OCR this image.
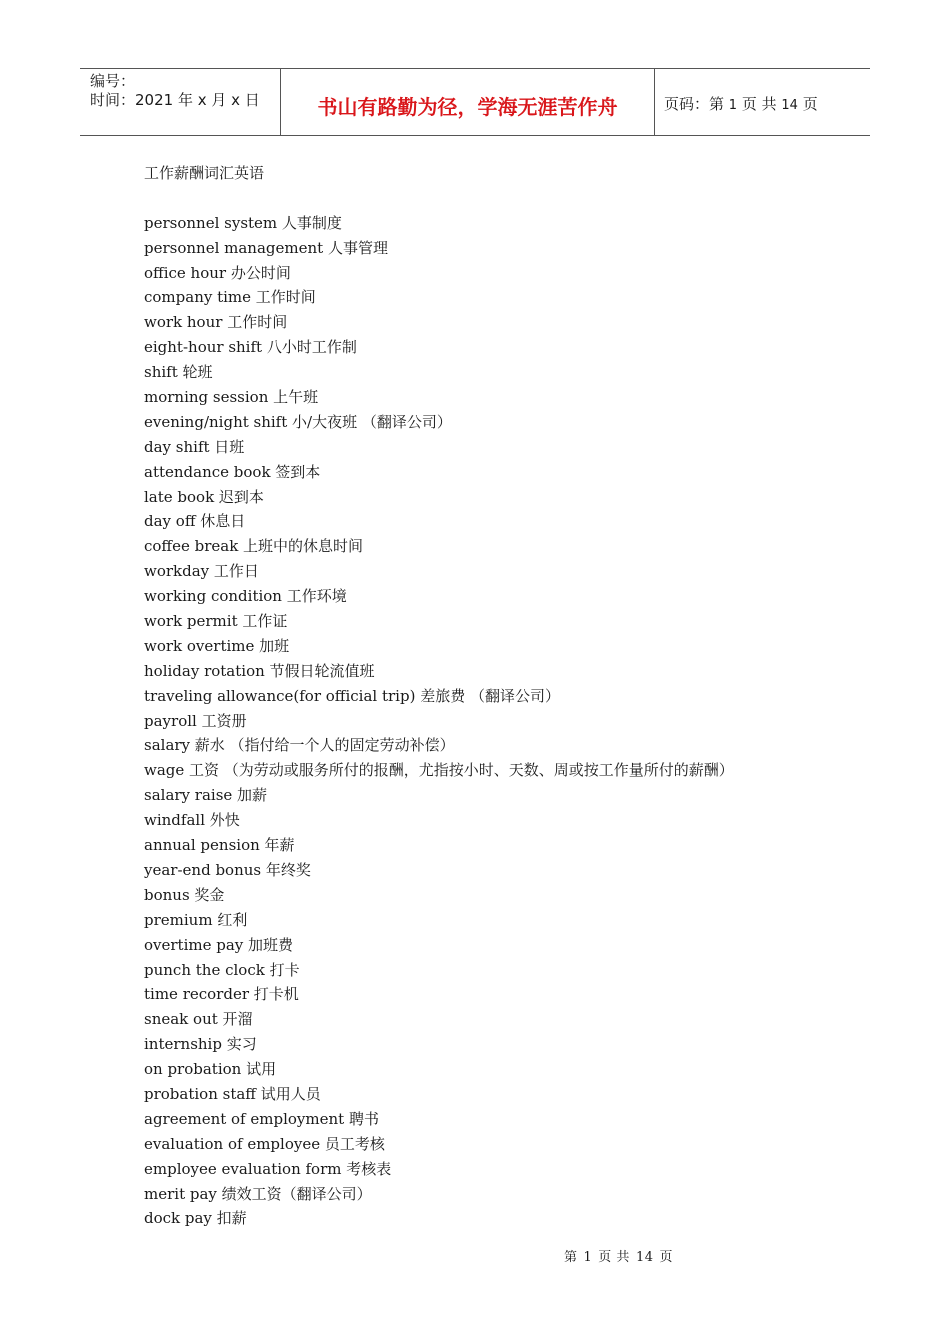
编号：
时间：2021 年 x 月 x 日	书山有路勤为径，学海无涯苦作舟	页码：第 1 页 共 14 页
工作薪酬词汇英语
personnel system 人事制度
personnel management 人事管理
office hour 办公时间
company time 工作时间
work hour 工作时间
eight-hour shift 八小时工作制
shift 轮班
morning session 上午班
evening/night shift 小/大夜班 （翻译公司）
day shift 日班
attendance book 签到本
late book 迟到本
day off 休息日
coffee break 上班中的休息时间
workday 工作日
working condition 工作环境
work permit 工作证
work overtime 加班
holiday rotation 节假日轮流值班
traveling allowance(for official trip) 差旅费 （翻译公司）
payroll 工资册
salary 薪水 （指付给一个人的固定劳动补偿）
wage 工资 （为劳动或服务所付的报酬，尤指按小时、天数、周或按工作量所付的薪酬）
salary raise 加薪
windfall 外快
annual pension 年薪
year-end bonus 年终奖
bonus 奖金
premium 红利
overtime pay 加班费
punch the clock 打卡
time recorder 打卡机
sneak out 开溜
internship 实习
on probation 试用
probation staff 试用人员
agreement of employment 聘书
evaluation of employee 员工考核
employee evaluation form 考核表
merit pay 绩效工资（翻译公司）
dock pay 扣薪
第 1 页 共 14 页
